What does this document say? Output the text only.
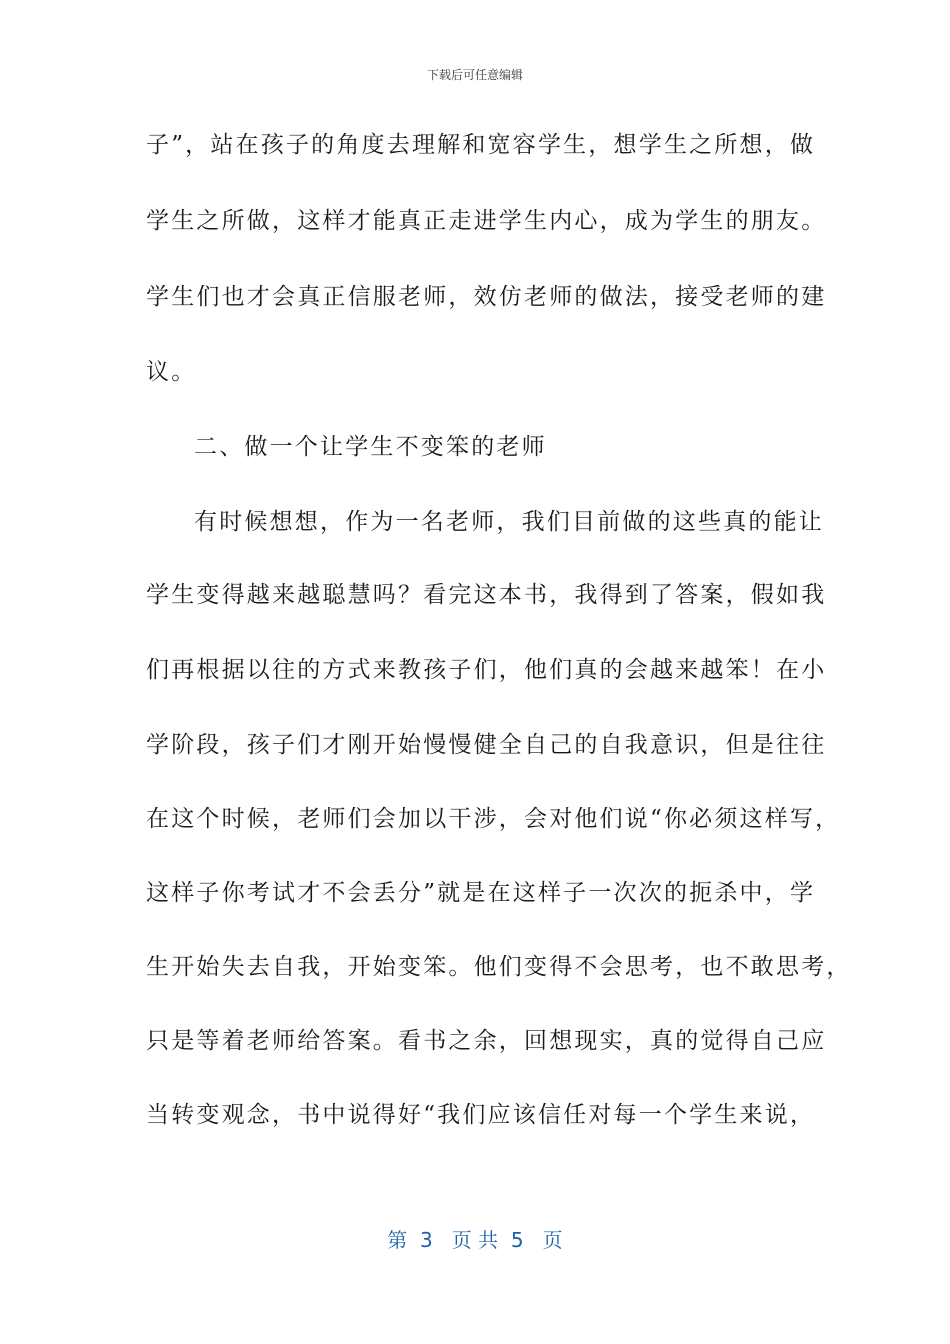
下载后可任意编辑
子”，站在孩子的角度去理解和宽容学生，想学生之所想，做
学生之所做，这样才能真正走进学生内心，成为学生的朋友。
学生们也才会真正信服老师，效仿老师的做法，接受老师的建
议。
二、做一个让学生不变笨的老师
有时候想想，作为一名老师，我们目前做的这些真的能让
学生变得越来越聪慧吗？看完这本书，我得到了答案，假如我
们再根据以往的方式来教孩子们，他们真的会越来越笨！在小
学阶段，孩子们才刚开始慢慢健全自己的自我意识，但是往往
在这个时候，老师们会加以干涉，会对他们说“你必须这样写，
这样子你考试才不会丢分”就是在这样子一次次的扼杀中，学
生开始失去自我，开始变笨。他们变得不会思考，也不敢思考，
只是等着老师给答案。看书之余，回想现实，真的觉得自己应
当转变观念，书中说得好“我们应该信任对每一个学生来说，
第  3   页 共  5   页
